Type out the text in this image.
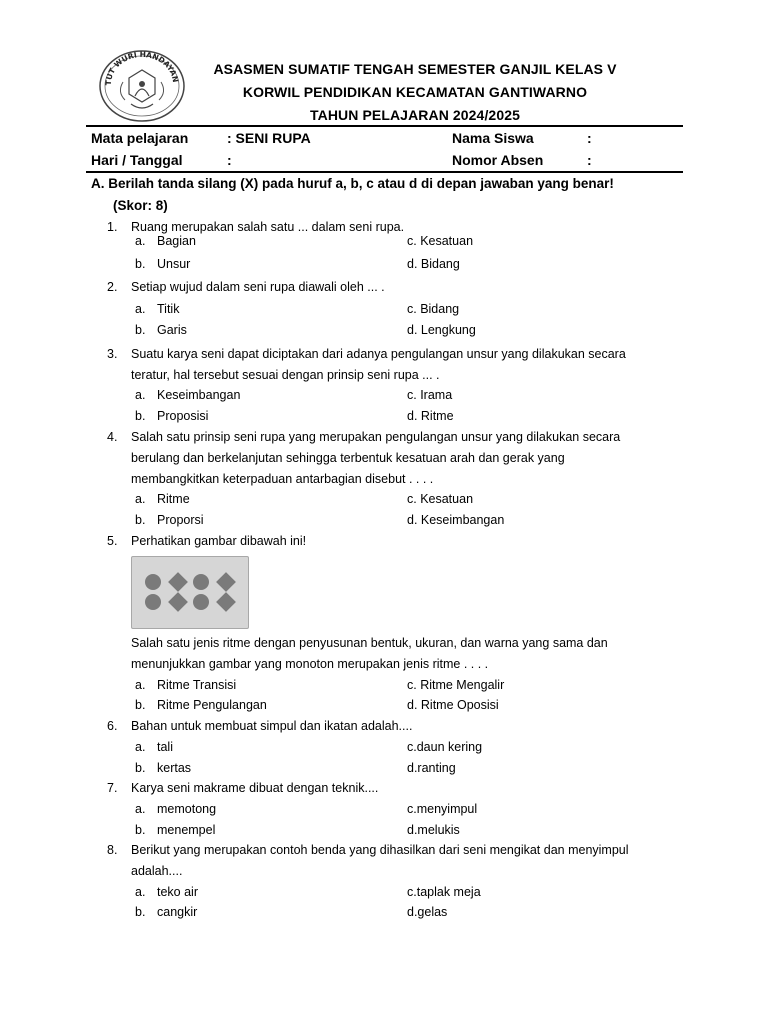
TUT WURI HANDAYAN
ASASMEN SUMATIF TENGAH SEMESTER GANJIL KELAS V
KORWIL PENDIDIKAN KECAMATAN GANTIWARNO
TAHUN PELAJARAN 2024/2025
Mata pelajaran	: SENI RUPA	Nama Siswa	:
Hari / Tanggal	:	Nomor Absen	:
A. Berilah tanda silang (X) pada huruf a, b, c atau d di depan jawaban yang benar!
(Skor: 8)
1.	Ruang merupakan salah satu ... dalam seni rupa.
a. Bagian	c. Kesatuan
b. Unsur	d. Bidang
2.	Setiap wujud dalam seni rupa diawali oleh ... .
a. Titik	c. Bidang
b. Garis	d. Lengkung
3.	Suatu karya seni dapat diciptakan dari adanya pengulangan unsur yang dilakukan secara
teratur, hal tersebut sesuai dengan prinsip seni rupa ... .
a. Keseimbangan	c. Irama
b. Proposisi	d. Ritme
4.	Salah satu prinsip seni rupa yang merupakan pengulangan unsur yang dilakukan secara
berulang dan berkelanjutan sehingga terbentuk kesatuan arah dan gerak yang
membangkitkan keterpaduan antarbagian disebut . . . .
a. Ritme	c. Kesatuan
b. Proporsi	d. Keseimbangan
5.	Perhatikan gambar dibawah ini!
Salah satu jenis ritme dengan penyusunan bentuk, ukuran, dan warna yang sama dan
menunjukkan gambar yang monoton merupakan jenis ritme . . . .
a. Ritme Transisi	c. Ritme Mengalir
b. Ritme Pengulangan	d. Ritme Oposisi
6.	Bahan untuk membuat simpul dan ikatan adalah....
a. tali	c.daun kering
b. kertas	d.ranting
7.	Karya seni makrame dibuat dengan teknik....
a. memotong	c.menyimpul
b. menempel	d.melukis
8.	Berikut yang merupakan contoh benda yang dihasilkan dari seni mengikat dan menyimpul
adalah....
a. teko air	c.taplak meja
b. cangkir	d.gelas
